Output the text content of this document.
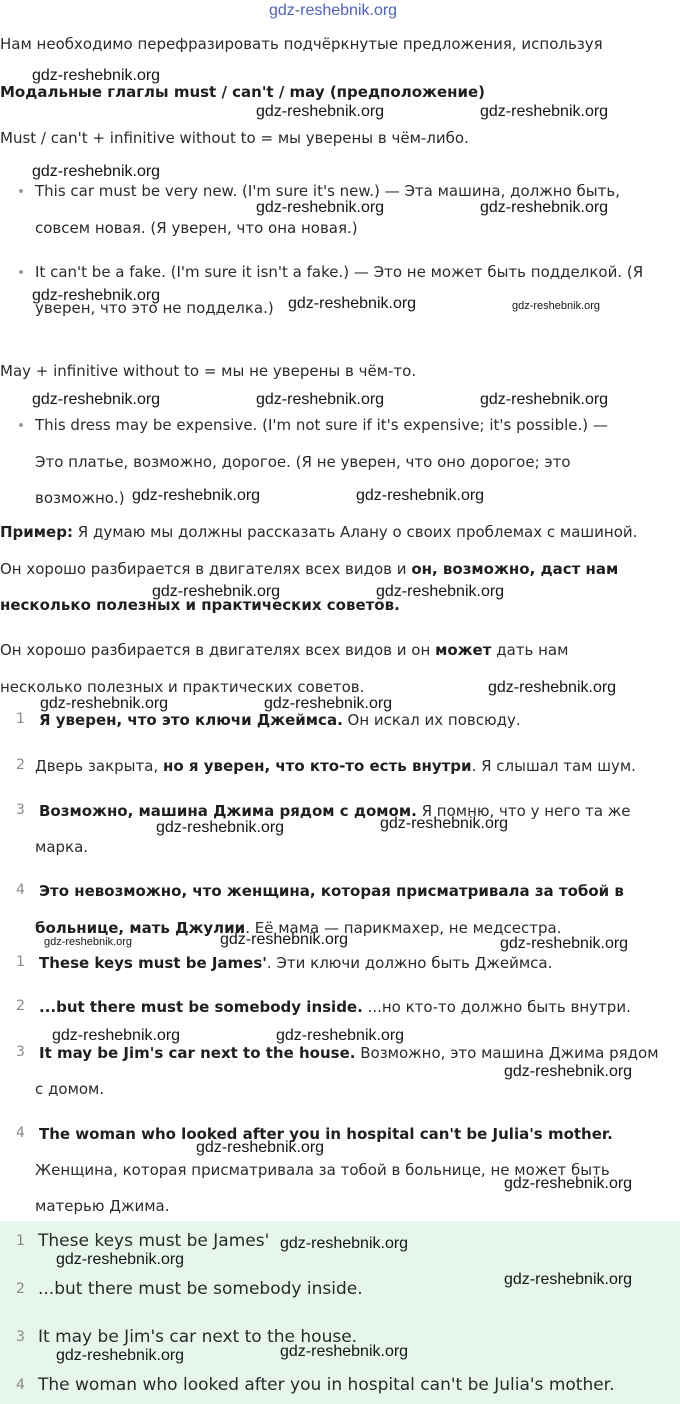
gdz-reshebnik.org
gdz-reshebnik.org
gdz-reshebnik.org	gdz-reshebnik.org
gdz-reshebnik.org
gdz-reshebnik.org	gdz-reshebnik.org
gdz-reshebnik.org	gdz-reshebnik.org	gdz-reshebnik.org
gdz-reshebnik.org	gdz-reshebnik.org	gdz-reshebnik.org
gdz-reshebnik.org	gdz-reshebnik.org
gdz-reshebnik.org	gdz-reshebnik.org
gdz-reshebnik.org
gdz-reshebnik.org	gdz-reshebnik.org
gdz-reshebnik.org	gdz-reshebnik.org
gdz-reshebnik.org	gdz-reshebnik.org	gdz-reshebnik.org
gdz-reshebnik.org	gdz-reshebnik.org
gdz-reshebnik.org
gdz-reshebnik.org
gdz-reshebnik.org
gdz-reshebnik.org
gdz-reshebnik.org
gdz-reshebnik.org
gdz-reshebnik.org	gdz-reshebnik.org
Нам необходимо перефразировать подчёркнутые предложения, используя
Модальные глаглы must / can't / may (предположение)
Must / can't + infinitive without to = мы уверены в чём-либо.
This car must be very new. (I'm sure it's new.) — Эта машина, должно быть,
совсем новая. (Я уверен, что она новая.)
It can't be a fake. (I'm sure it isn't a fake.) — Это не может быть подделкой. (Я
уверен, что это не подделка.)
May + infinitive without to = мы не уверены в чём-то.
This dress may be expensive. (I'm not sure if it's expensive; it's possible.) —
Это платье, возможно, дорогое. (Я не уверен, что оно дорогое; это
возможно.)
Пример: Я думаю мы должны рассказать Алану о своих проблемах с машиной.
Он хорошо разбирается в двигателях всех видов и он, возможно, даст нам
несколько полезных и практических советов.
Он хорошо разбирается в двигателях всех видов и он может дать нам
несколько полезных и практических советов.
1 Я уверен, что это ключи Джеймса. Он искал их повсюду.
2 Дверь закрыта, но я уверен, что кто-то есть внутри. Я слышал там шум.
3 Возможно, машина Джима рядом с домом. Я помню, что у него та же
марка.
4 Это невозможно, что женщина, которая присматривала за тобой в
больнице, мать Джулии. Её мама — парикмахер, не медсестра.
1 These keys must be James'. Эти ключи должно быть Джеймса.
2 ...but there must be somebody inside. ...но кто-то должно быть внутри.
3 It may be Jim's car next to the house. Возможно, это машина Джима рядом
с домом.
4 The woman who looked after you in hospital can't be Julia's mother.
Женщина, которая присматривала за тобой в больнице, не может быть
матерью Джима.
1 These keys must be James'
2 ...but there must be somebody inside.
3 It may be Jim's car next to the house.
4 The woman who looked after you in hospital can't be Julia's mother.
